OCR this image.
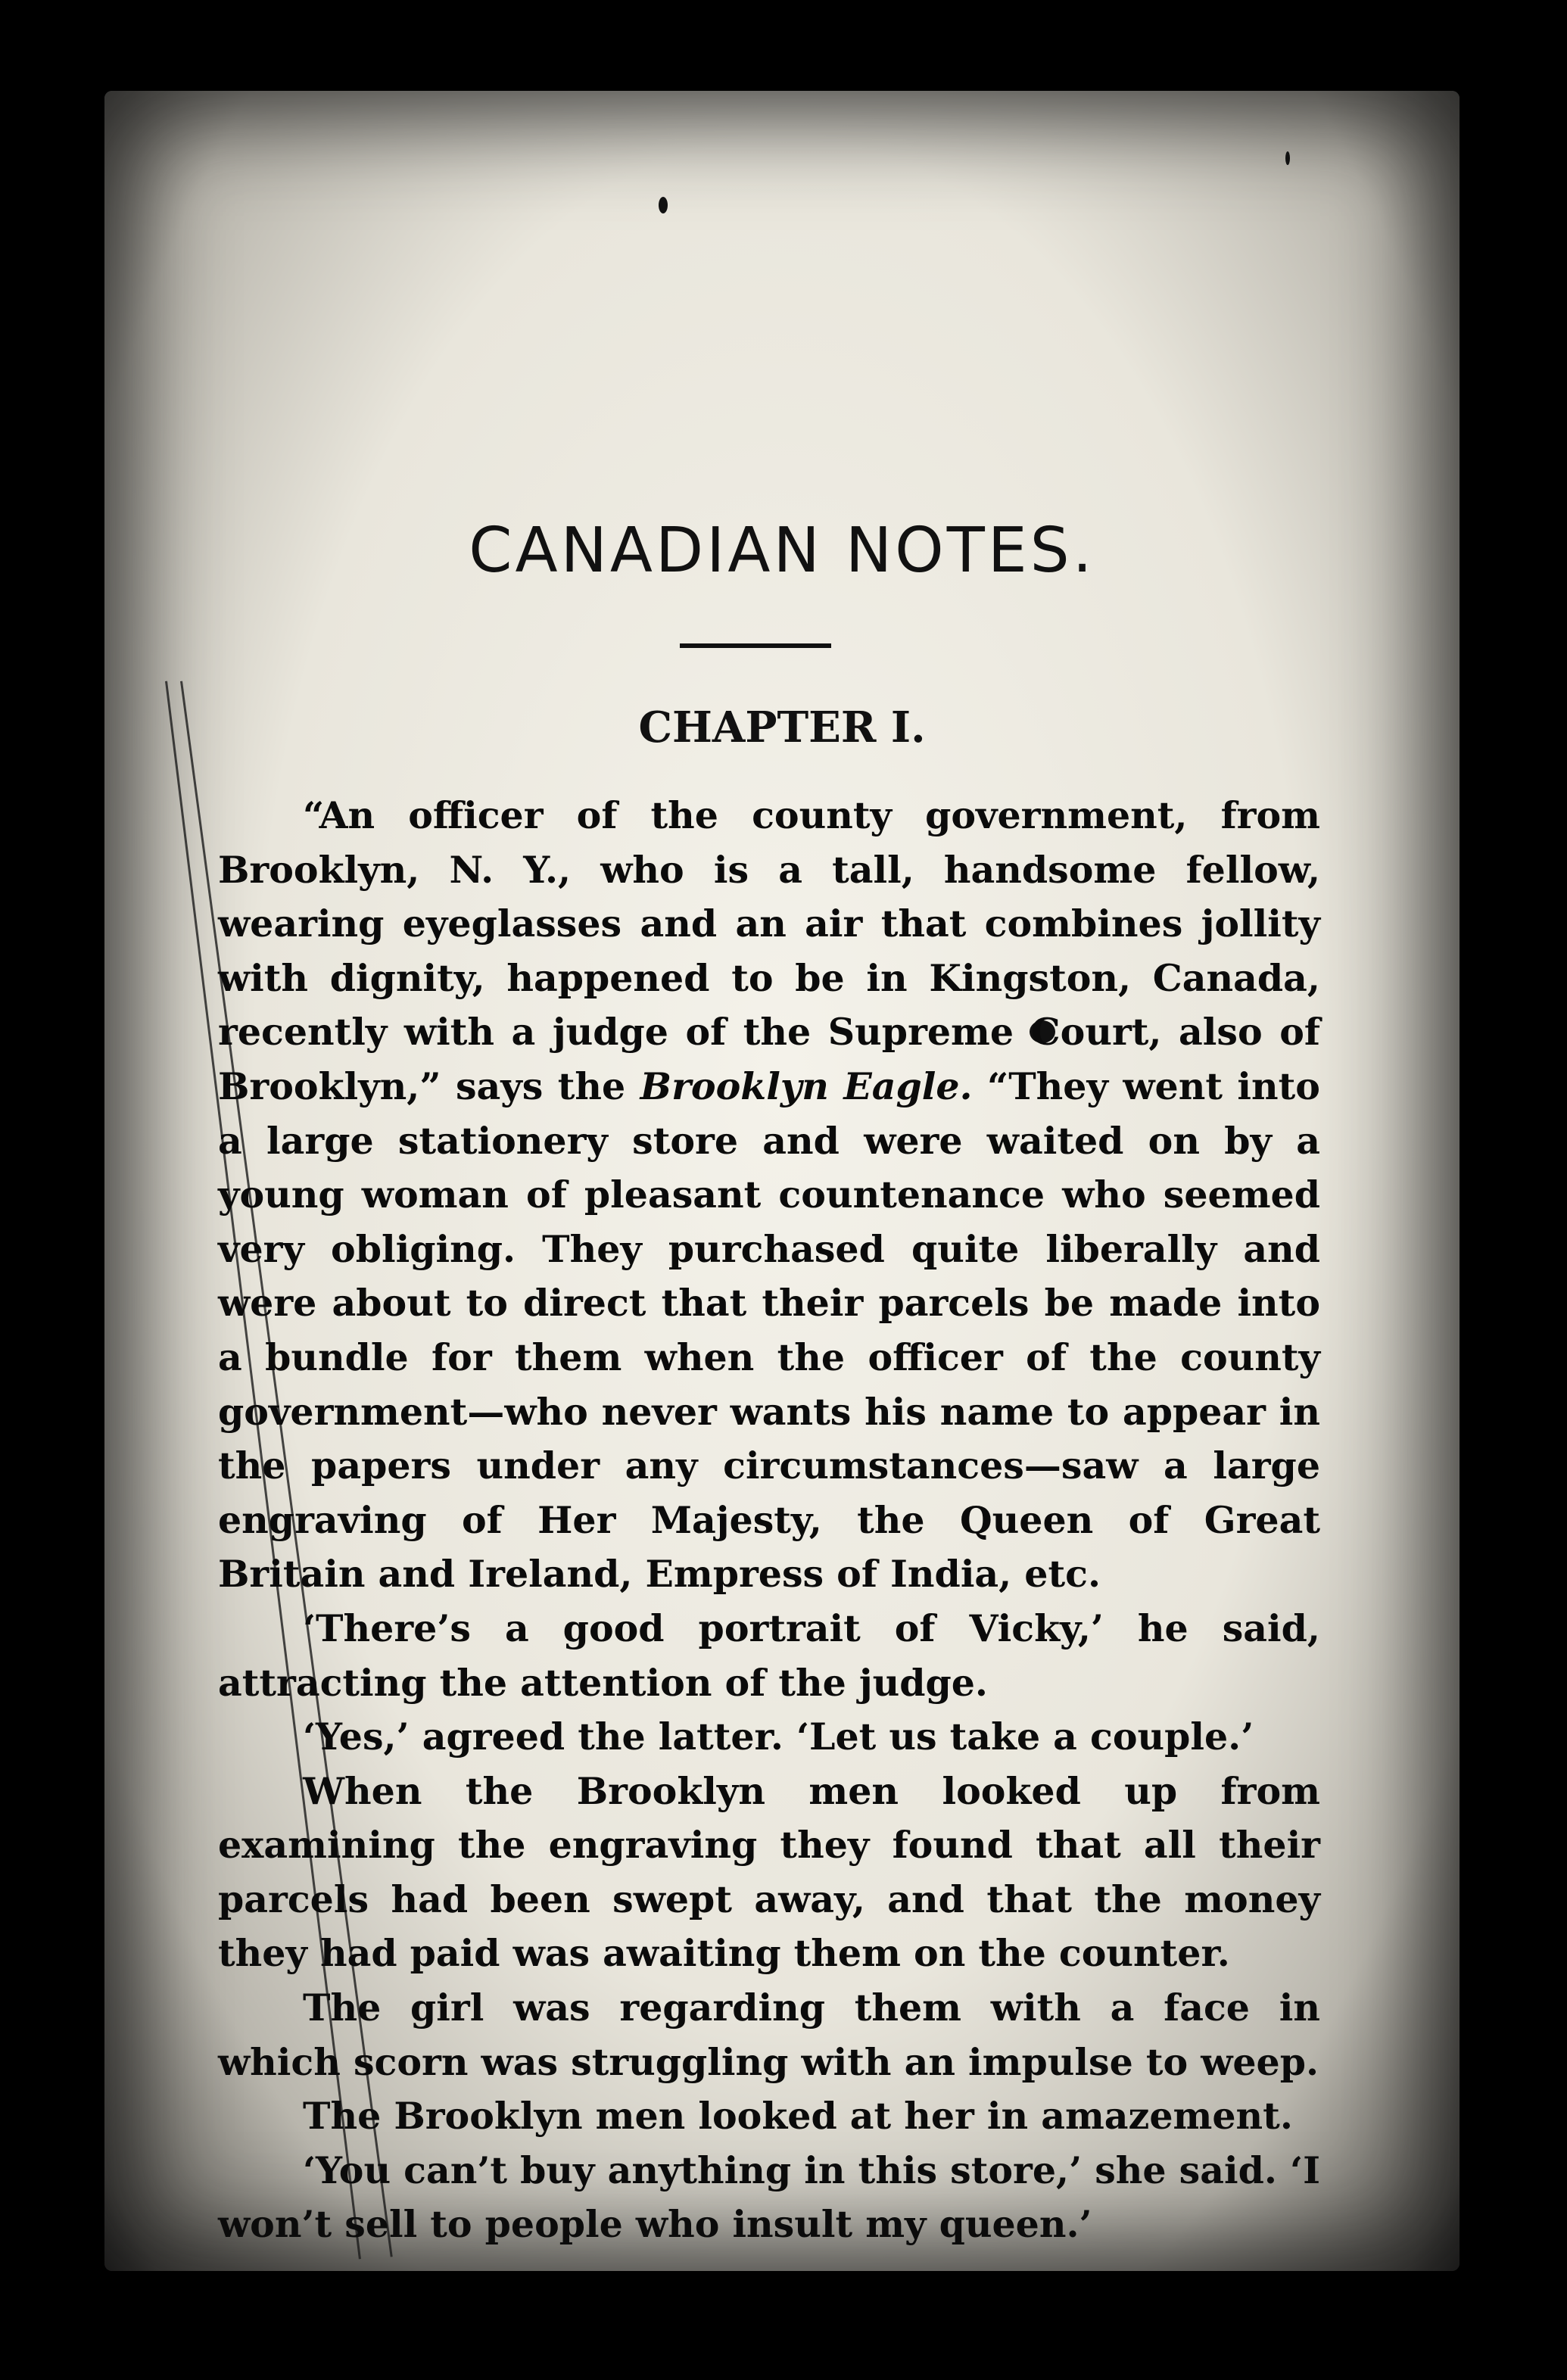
CANADIAN NOTES.
CHAPTER I.

“An officer of the county government, from Brooklyn, N. Y., who is a tall, handsome fellow, wearing eyeglasses and an air that combines jollity with dignity, happened to be in Kingston, Canada, recently with a judge of the Supreme Court, also of Brooklyn,” says the Brooklyn Eagle. “They went into a large stationery store and were waited on by a young woman of pleasant countenance who seemed very obliging. They purchased quite liberally and were about to direct that their parcels be made into a bundle for them when the officer of the county government—who never wants his name to appear in the papers under any circumstances—saw a large engraving of Her Majesty, the Queen of Great Britain and Ireland, Empress of India, etc.

‘There’s a good portrait of Vicky,’ he said, attracting the attention of the judge.

‘Yes,’ agreed the latter. ‘Let us take a couple.’

When the Brooklyn men looked up from examining the engraving they found that all their parcels had been swept away, and that the money they had paid was awaiting them on the counter.

The girl was regarding them with a face in which scorn was struggling with an impulse to weep.

The Brooklyn men looked at her in amazement.

‘You can’t buy anything in this store,’ she said. ‘I won’t sell to people who insult my queen.’
